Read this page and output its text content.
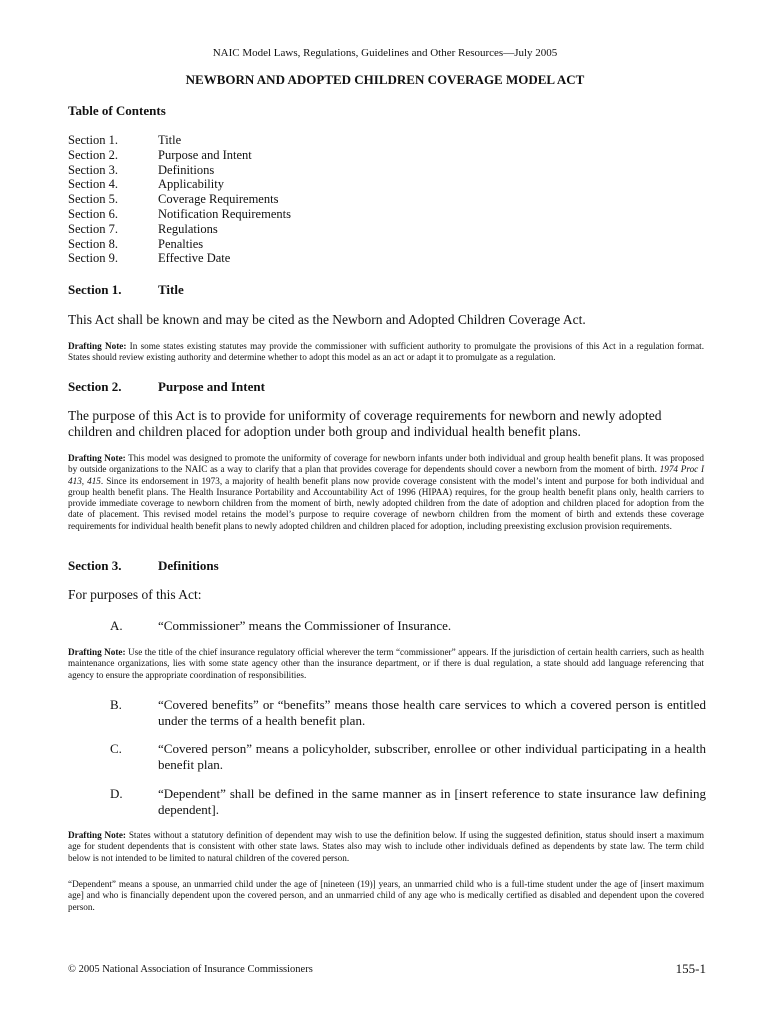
NAIC Model Laws, Regulations, Guidelines and Other Resources—July 2005
NEWBORN AND ADOPTED CHILDREN COVERAGE MODEL ACT
Table of Contents
Section 1.	Title
Section 2.	Purpose and Intent
Section 3.	Definitions
Section 4.	Applicability
Section 5.	Coverage Requirements
Section 6.	Notification Requirements
Section 7.	Regulations
Section 8.	Penalties
Section 9.	Effective Date
Section 1.	Title
This Act shall be known and may be cited as the Newborn and Adopted Children Coverage Act.
Drafting Note: In some states existing statutes may provide the commissioner with sufficient authority to promulgate the provisions of this Act in a regulation format. States should review existing authority and determine whether to adopt this model as an act or adapt it to promulgate as a regulation.
Section 2.	Purpose and Intent
The purpose of this Act is to provide for uniformity of coverage requirements for newborn and newly adopted children and children placed for adoption under both group and individual health benefit plans.
Drafting Note: This model was designed to promote the uniformity of coverage for newborn infants under both individual and group health benefit plans. It was proposed by outside organizations to the NAIC as a way to clarify that a plan that provides coverage for dependents should cover a newborn from the moment of birth. 1974 Proc I 413, 415. Since its endorsement in 1973, a majority of health benefit plans now provide coverage consistent with the model’s intent and purpose for both individual and group health benefit plans. The Health Insurance Portability and Accountability Act of 1996 (HIPAA) requires, for the group health benefit plans only, health carriers to provide immediate coverage to newborn children from the moment of birth, newly adopted children from the date of adoption and children placed for adoption from the date of placement. This revised model retains the model’s purpose to require coverage of newborn children from the moment of birth and extends these coverage requirements for individual health benefit plans to newly adopted children and children placed for adoption, including preexisting exclusion provision requirements.
Section 3.	Definitions
For purposes of this Act:
A.	“Commissioner” means the Commissioner of Insurance.
Drafting Note: Use the title of the chief insurance regulatory official wherever the term “commissioner” appears. If the jurisdiction of certain health carriers, such as health maintenance organizations, lies with some state agency other than the insurance department, or if there is dual regulation, a state should add language referencing that agency to ensure the appropriate coordination of responsibilities.
B.	“Covered benefits” or “benefits” means those health care services to which a covered person is entitled under the terms of a health benefit plan.
C.	“Covered person” means a policyholder, subscriber, enrollee or other individual participating in a health benefit plan.
D.	“Dependent” shall be defined in the same manner as in [insert reference to state insurance law defining dependent].
Drafting Note: States without a statutory definition of dependent may wish to use the definition below. If using the suggested definition, status should insert a maximum age for student dependents that is consistent with other state laws. States also may wish to include other individuals defined as dependents by state law. The term child below is not intended to be limited to natural children of the covered person.
“Dependent” means a spouse, an unmarried child under the age of [nineteen (19)] years, an unmarried child who is a full-time student under the age of [insert maximum age] and who is financially dependent upon the covered person, and an unmarried child of any age who is medically certified as disabled and dependent upon the covered person.
© 2005 National Association of Insurance Commissioners	155-1
